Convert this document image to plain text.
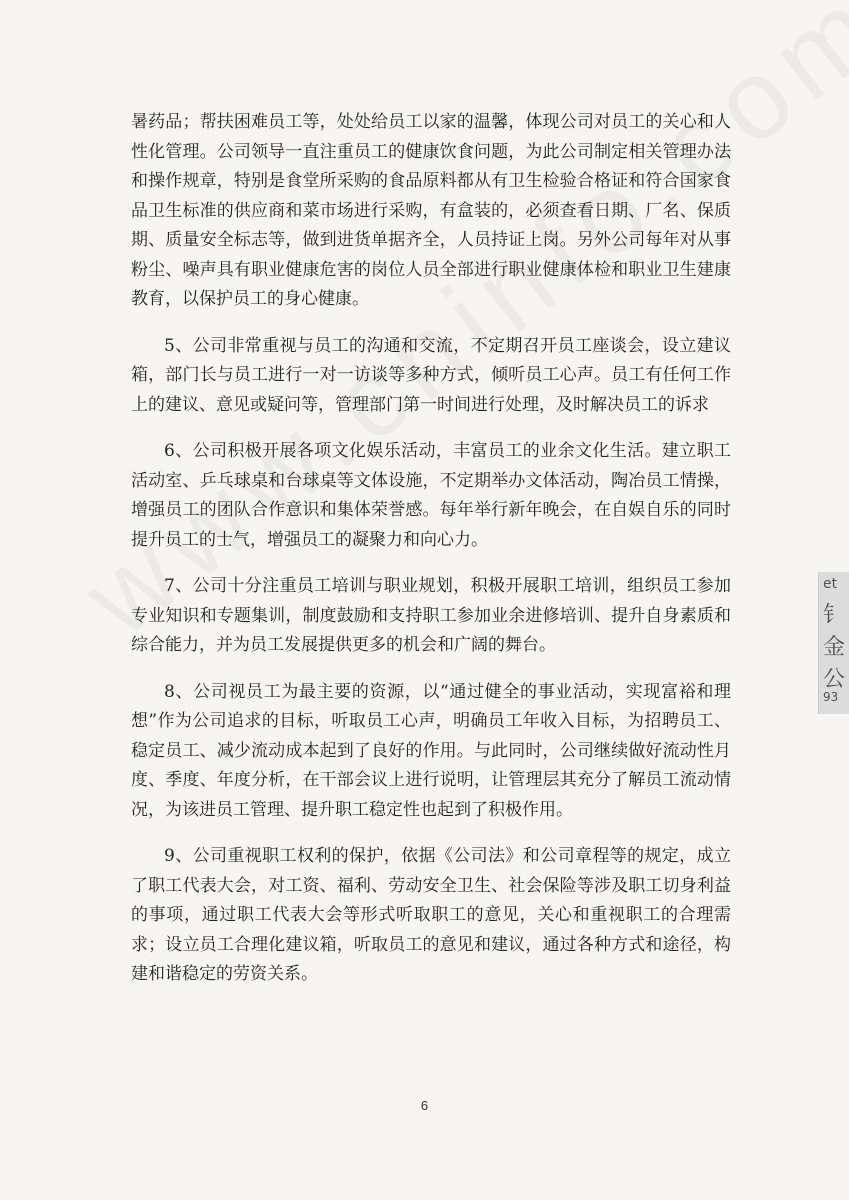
暑药品；帮扶困难员工等，处处给员工以家的温馨，体现公司对员工的关心和人性化管理。公司领导一直注重员工的健康饮食问题，为此公司制定相关管理办法和操作规章，特别是食堂所采购的食品原料都从有卫生检验合格证和符合国家食品卫生标准的供应商和菜市场进行采购，有盒装的，必须查看日期、厂名、保质期、质量安全标志等，做到进货单据齐全，人员持证上岗。另外公司每年对从事粉尘、噪声具有职业健康危害的岗位人员全部进行职业健康体检和职业卫生建康教育，以保护员工的身心健康。

5、公司非常重视与员工的沟通和交流，不定期召开员工座谈会，设立建议箱，部门长与员工进行一对一访谈等多种方式，倾听员工心声。员工有任何工作上的建议、意见或疑问等，管理部门第一时间进行处理，及时解决员工的诉求

6、公司积极开展各项文化娱乐活动，丰富员工的业余文化生活。建立职工活动室、乒乓球桌和台球桌等文体设施，不定期举办文体活动，陶冶员工情操，增强员工的团队合作意识和集体荣誉感。每年举行新年晚会，在自娱自乐的同时提升员工的士气，增强员工的凝聚力和向心力。

7、公司十分注重员工培训与职业规划，积极开展职工培训，组织员工参加专业知识和专题集训，制度鼓励和支持职工参加业余进修培训、提升自身素质和综合能力，并为员工发展提供更多的机会和广阔的舞台。

8、公司视员工为最主要的资源，以“通过健全的事业活动，实现富裕和理想”作为公司追求的目标，听取员工心声，明确员工年收入目标，为招聘员工、稳定员工、减少流动成本起到了良好的作用。与此同时，公司继续做好流动性月度、季度、年度分析，在干部会议上进行说明，让管理层其充分了解员工流动情况，为该进员工管理、提升职工稳定性也起到了积极作用。

9、公司重视职工权利的保护，依据《公司法》和公司章程等的规定，成立了职工代表大会，对工资、福利、劳动安全卫生、社会保险等涉及职工切身利益的事项，通过职工代表大会等形式听取职工的意见，关心和重视职工的合理需求；设立员工合理化建议箱，听取员工的意见和建议，通过各种方式和途径，构建和谐稳定的劳资关系。

6
et
钅
金
公
93
